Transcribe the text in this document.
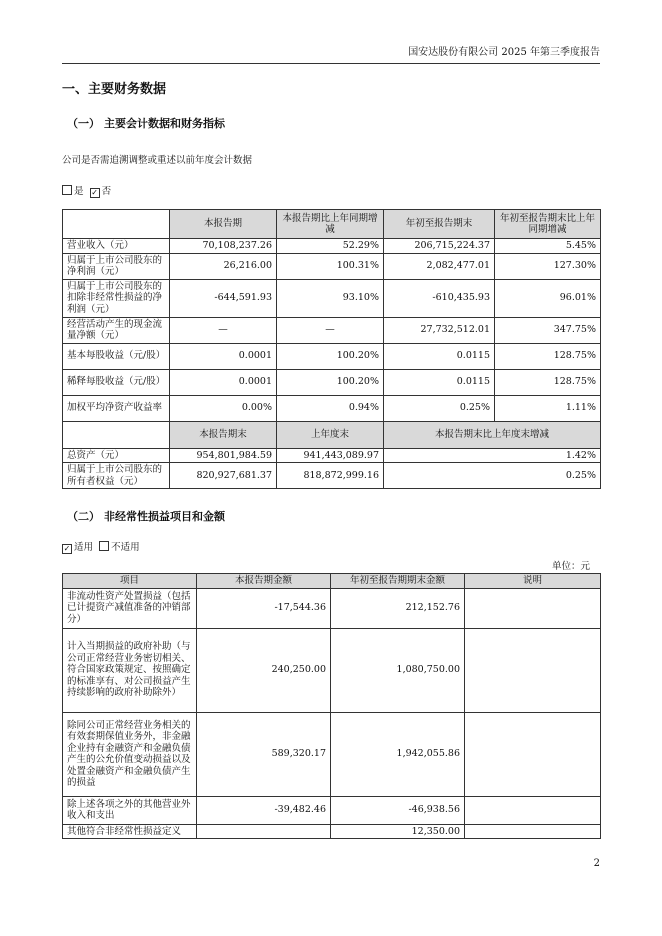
国安达股份有限公司 2025 年第三季度报告
一、主要财务数据
（一） 主要会计数据和财务指标
公司是否需追溯调整或重述以前年度会计数据
是 ✓ 否
	本报告期	本报告期比上年同期增减	年初至报告期末	年初至报告期末比上年同期增减
营业收入（元）	70,108,237.26	52.29%	206,715,224.37	5.45%
归属于上市公司股东的净利润（元）	26,216.00	100.31%	2,082,477.01	127.30%
归属于上市公司股东的扣除非经常性损益的净利润（元）	-644,591.93	93.10%	-610,435.93	96.01%
经营活动产生的现金流量净额（元）	—	—	27,732,512.01	347.75%
基本每股收益（元/股）	0.0001	100.20%	0.0115	128.75%
稀释每股收益（元/股）	0.0001	100.20%	0.0115	128.75%
加权平均净资产收益率	0.00%	0.94%	0.25%	1.11%
	本报告期末	上年度末	本报告期末比上年度末增减	
总资产（元）	954,801,984.59	941,443,089.97	1.42%	
归属于上市公司股东的所有者权益（元）	820,927,681.37	818,872,999.16	0.25%	
（二） 非经常性损益项目和金额
✓ 适用 不适用
单位：元
项目	本报告期金额	年初至报告期期末金额	说明
非流动性资产处置损益（包括已计提资产减值准备的冲销部分）	-17,544.36	212,152.76	
计入当期损益的政府补助（与公司正常经营业务密切相关、符合国家政策规定、按照确定的标准享有、对公司损益产生持续影响的政府补助除外）	240,250.00	1,080,750.00	
除同公司正常经营业务相关的有效套期保值业务外，非金融企业持有金融资产和金融负债产生的公允价值变动损益以及处置金融资产和金融负债产生的损益	589,320.17	1,942,055.86	
除上述各项之外的其他营业外收入和支出	-39,482.46	-46,938.56	
其他符合非经常性损益定义		12,350.00	
2
